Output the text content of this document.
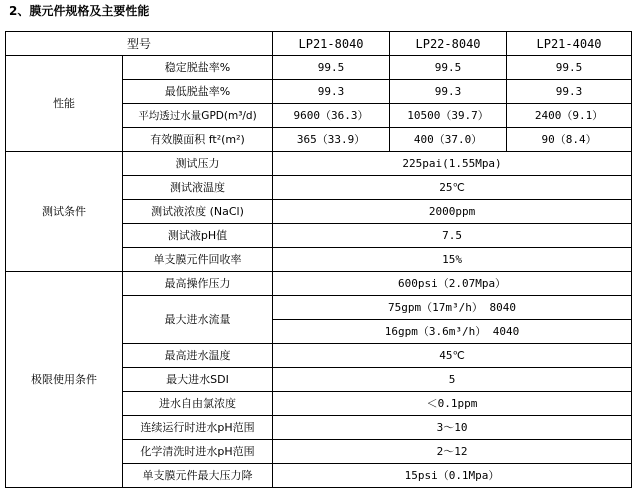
2、膜元件规格及主要性能
型号		LP21-8040	LP22-8040	LP21-4040
性能	稳定脱盐率%	99.5	99.5	99.5
	最低脱盐率%	99.3	99.3	99.3
	平均透过水量GPD(m³/d)	9600（36.3）	10500（39.7）	2400（9.1）
	有效膜面积 ft²(m²)	365（33.9）	400（37.0）	90（8.4）
测试条件	测试压力	225pai(1.55Mpa)		
	测试液温度	25℃		
	测试液浓度 (NaCl)	2000ppm		
	测试液pH值	7.5		
	单支膜元件回收率	15%		
极限使用条件	最高操作压力	600psi（2.07Mpa）		
	最大进水流量	75gpm（17m³/h） 8040		
		16gpm（3.6m³/h） 4040		
	最高进水温度	45℃		
	最大进水SDI	5		
	进水自由氯浓度	＜0.1ppm		
	连续运行时进水pH范围	3～10		
	化学清洗时进水pH范围	2～12		
	单支膜元件最大压力降	15psi（0.1Mpa）		
